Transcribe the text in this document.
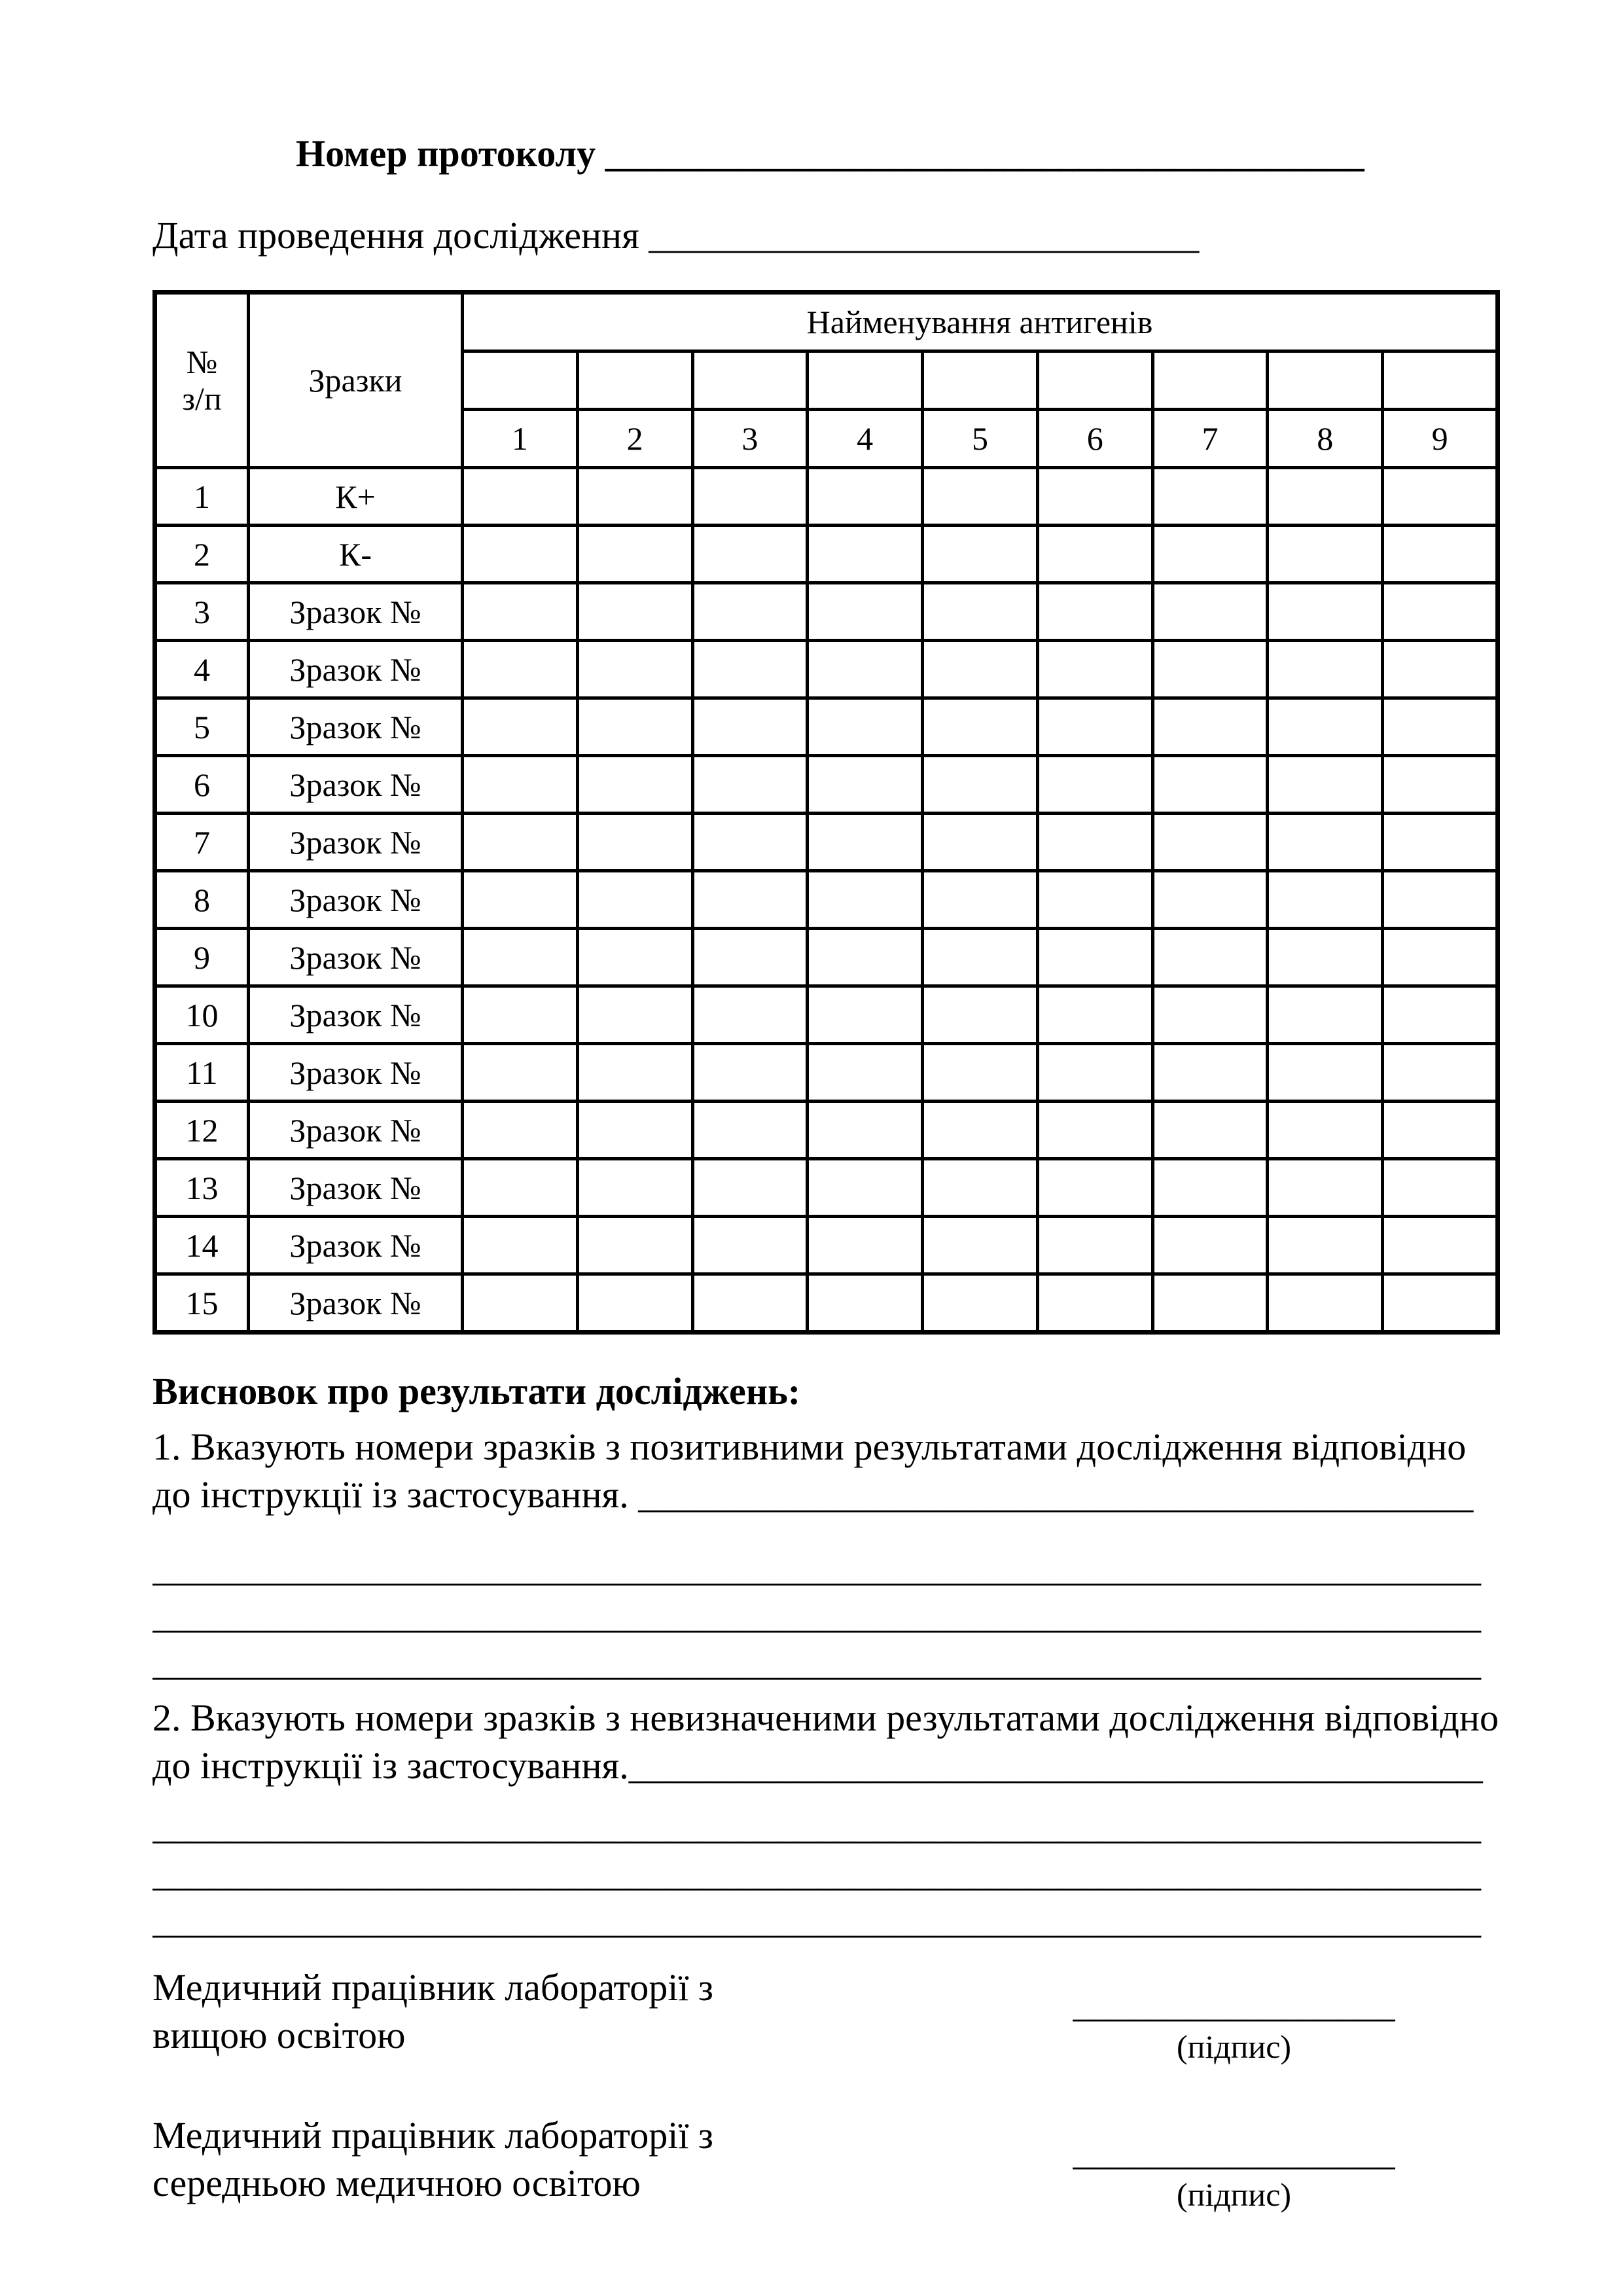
Номер протоколу ________________________________________
Дата проведення дослідження _____________________________
№
з/п	Зразки	Найменування антигенів								

		1	2	3	4	5	6	7	8	9
1	К+									
2	К-									
3	Зразок №									
4	Зразок №									
5	Зразок №									
6	Зразок №									
7	Зразок №									
8	Зразок №									
9	Зразок №									
10	Зразок №									
11	Зразок №									
12	Зразок №									
13	Зразок №									
14	Зразок №									
15	Зразок №									
Висновок про результати досліджень:
1. Вказують номери зразків з позитивними результатами дослідження відповідно
до інструкції із застосування. ____________________________________________
______________________________________________________________________
______________________________________________________________________
______________________________________________________________________
2. Вказують номери зразків з невизначеними результатами дослідження відповідно
до інструкції із застосування._____________________________________________
______________________________________________________________________
______________________________________________________________________
______________________________________________________________________
Медичний працівник лабораторії з
вищою освітою
_________________
(підпис)
Медичний працівник лабораторії з
середньою медичною освітою
_________________
(підпис)
